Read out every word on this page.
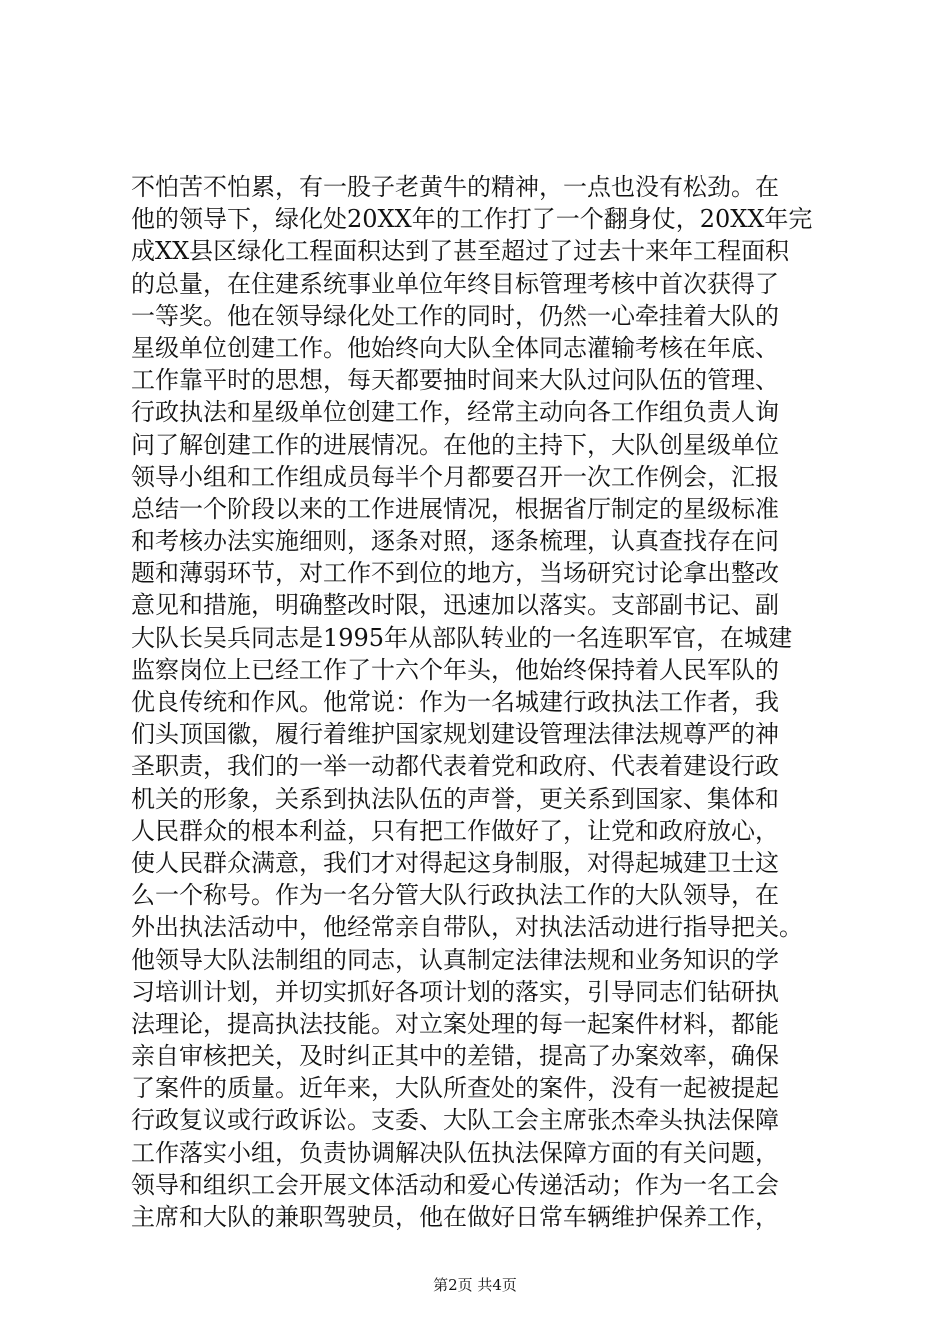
不怕苦不怕累，有一股子老黄牛的精神，一点也没有松劲。在
他的领导下，绿化处20XX年的工作打了一个翻身仗，20XX年完
成XX县区绿化工程面积达到了甚至超过了过去十来年工程面积
的总量，在住建系统事业单位年终目标管理考核中首次获得了
一等奖。他在领导绿化处工作的同时，仍然一心牵挂着大队的
星级单位创建工作。他始终向大队全体同志灌输考核在年底、
工作靠平时的思想，每天都要抽时间来大队过问队伍的管理、
行政执法和星级单位创建工作，经常主动向各工作组负责人询
问了解创建工作的进展情况。在他的主持下，大队创星级单位
领导小组和工作组成员每半个月都要召开一次工作例会，汇报
总结一个阶段以来的工作进展情况，根据省厅制定的星级标准
和考核办法实施细则，逐条对照，逐条梳理，认真查找存在问
题和薄弱环节，对工作不到位的地方，当场研究讨论拿出整改
意见和措施，明确整改时限，迅速加以落实。支部副书记、副
大队长吴兵同志是1995年从部队转业的一名连职军官，在城建
监察岗位上已经工作了十六个年头，他始终保持着人民军队的
优良传统和作风。他常说：作为一名城建行政执法工作者，我
们头顶国徽，履行着维护国家规划建设管理法律法规尊严的神
圣职责，我们的一举一动都代表着党和政府、代表着建设行政
机关的形象，关系到执法队伍的声誉，更关系到国家、集体和
人民群众的根本利益，只有把工作做好了，让党和政府放心，
使人民群众满意，我们才对得起这身制服，对得起城建卫士这
么一个称号。作为一名分管大队行政执法工作的大队领导，在
外出执法活动中，他经常亲自带队，对执法活动进行指导把关。
他领导大队法制组的同志，认真制定法律法规和业务知识的学
习培训计划，并切实抓好各项计划的落实，引导同志们钻研执
法理论，提高执法技能。对立案处理的每一起案件材料，都能
亲自审核把关，及时纠正其中的差错，提高了办案效率，确保
了案件的质量。近年来，大队所查处的案件，没有一起被提起
行政复议或行政诉讼。支委、大队工会主席张杰牵头执法保障
工作落实小组，负责协调解决队伍执法保障方面的有关问题，
领导和组织工会开展文体活动和爱心传递活动；作为一名工会
主席和大队的兼职驾驶员，他在做好日常车辆维护保养工作，
第2页 共4页
